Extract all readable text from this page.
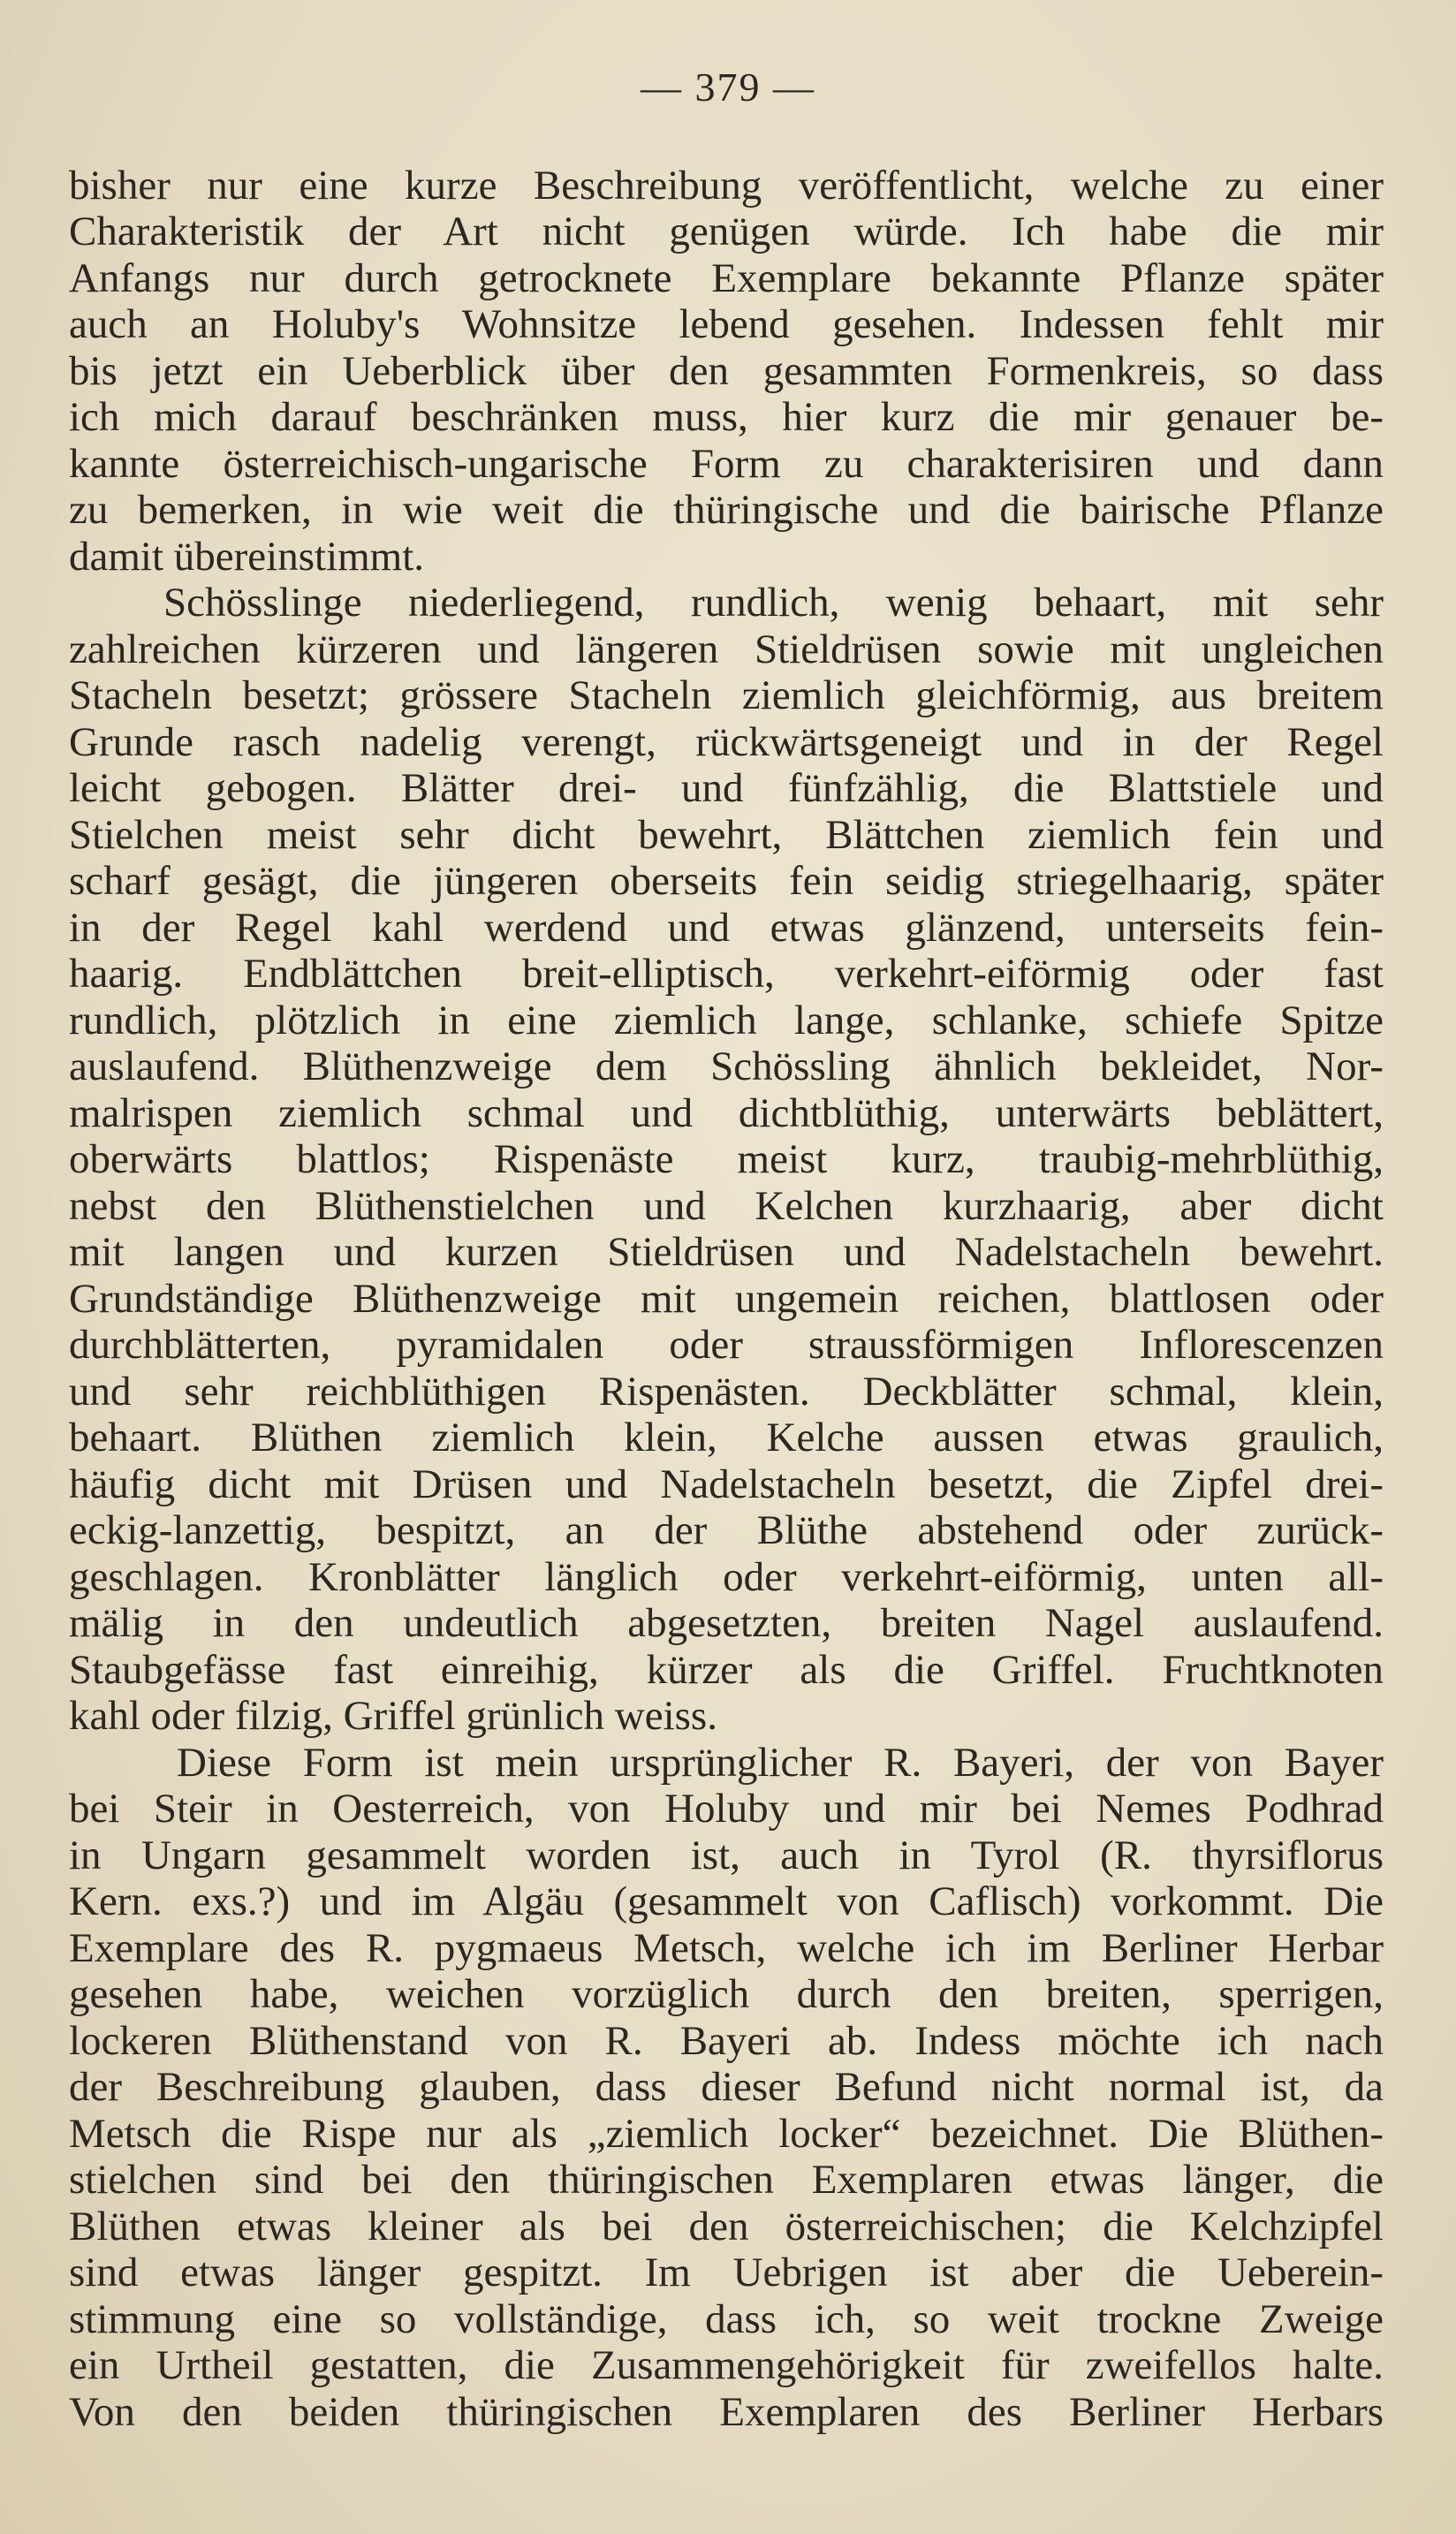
— 379 —
bisher nur eine kurze Beschreibung veröffentlicht, welche zu einer
Charakteristik der Art nicht genügen würde. Ich habe die mir
Anfangs nur durch getrocknete Exemplare bekannte Pflanze später
auch an Holuby's Wohnsitze lebend gesehen. Indessen fehlt mir
bis jetzt ein Ueberblick über den gesammten Formenkreis, so dass
ich mich darauf beschränken muss, hier kurz die mir genauer be-
kannte österreichisch-ungarische Form zu charakterisiren und dann
zu bemerken, in wie weit die thüringische und die bairische Pflanze
damit übereinstimmt.
Schösslinge niederliegend, rundlich, wenig behaart, mit sehr
zahlreichen kürzeren und längeren Stieldrüsen sowie mit ungleichen
Stacheln besetzt; grössere Stacheln ziemlich gleichförmig, aus breitem
Grunde rasch nadelig verengt, rückwärtsgeneigt und in der Regel
leicht gebogen. Blätter drei- und fünfzählig, die Blattstiele und
Stielchen meist sehr dicht bewehrt, Blättchen ziemlich fein und
scharf gesägt, die jüngeren oberseits fein seidig striegelhaarig, später
in der Regel kahl werdend und etwas glänzend, unterseits fein-
haarig. Endblättchen breit-elliptisch, verkehrt-eiförmig oder fast
rundlich, plötzlich in eine ziemlich lange, schlanke, schiefe Spitze
auslaufend. Blüthenzweige dem Schössling ähnlich bekleidet, Nor-
malrispen ziemlich schmal und dichtblüthig, unterwärts beblättert,
oberwärts blattlos; Rispenäste meist kurz, traubig-mehrblüthig,
nebst den Blüthenstielchen und Kelchen kurzhaarig, aber dicht
mit langen und kurzen Stieldrüsen und Nadelstacheln bewehrt.
Grundständige Blüthenzweige mit ungemein reichen, blattlosen oder
durchblätterten, pyramidalen oder straussförmigen Inflorescenzen
und sehr reichblüthigen Rispenästen. Deckblätter schmal, klein,
behaart. Blüthen ziemlich klein, Kelche aussen etwas graulich,
häufig dicht mit Drüsen und Nadelstacheln besetzt, die Zipfel drei-
eckig-lanzettig, bespitzt, an der Blüthe abstehend oder zurück-
geschlagen. Kronblätter länglich oder verkehrt-eiförmig, unten all-
mälig in den undeutlich abgesetzten, breiten Nagel auslaufend.
Staubgefässe fast einreihig, kürzer als die Griffel. Fruchtknoten
kahl oder filzig, Griffel grünlich weiss.
Diese Form ist mein ursprünglicher R. Bayeri, der von Bayer
bei Steir in Oesterreich, von Holuby und mir bei Nemes Podhrad
in Ungarn gesammelt worden ist, auch in Tyrol (R. thyrsiflorus
Kern. exs.?) und im Algäu (gesammelt von Caflisch) vorkommt. Die
Exemplare des R. pygmaeus Metsch, welche ich im Berliner Herbar
gesehen habe, weichen vorzüglich durch den breiten, sperrigen,
lockeren Blüthenstand von R. Bayeri ab. Indess möchte ich nach
der Beschreibung glauben, dass dieser Befund nicht normal ist, da
Metsch die Rispe nur als „ziemlich locker“ bezeichnet. Die Blüthen-
stielchen sind bei den thüringischen Exemplaren etwas länger, die
Blüthen etwas kleiner als bei den österreichischen; die Kelchzipfel
sind etwas länger gespitzt. Im Uebrigen ist aber die Ueberein-
stimmung eine so vollständige, dass ich, so weit trockne Zweige
ein Urtheil gestatten, die Zusammengehörigkeit für zweifellos halte.
Von den beiden thüringischen Exemplaren des Berliner Herbars
